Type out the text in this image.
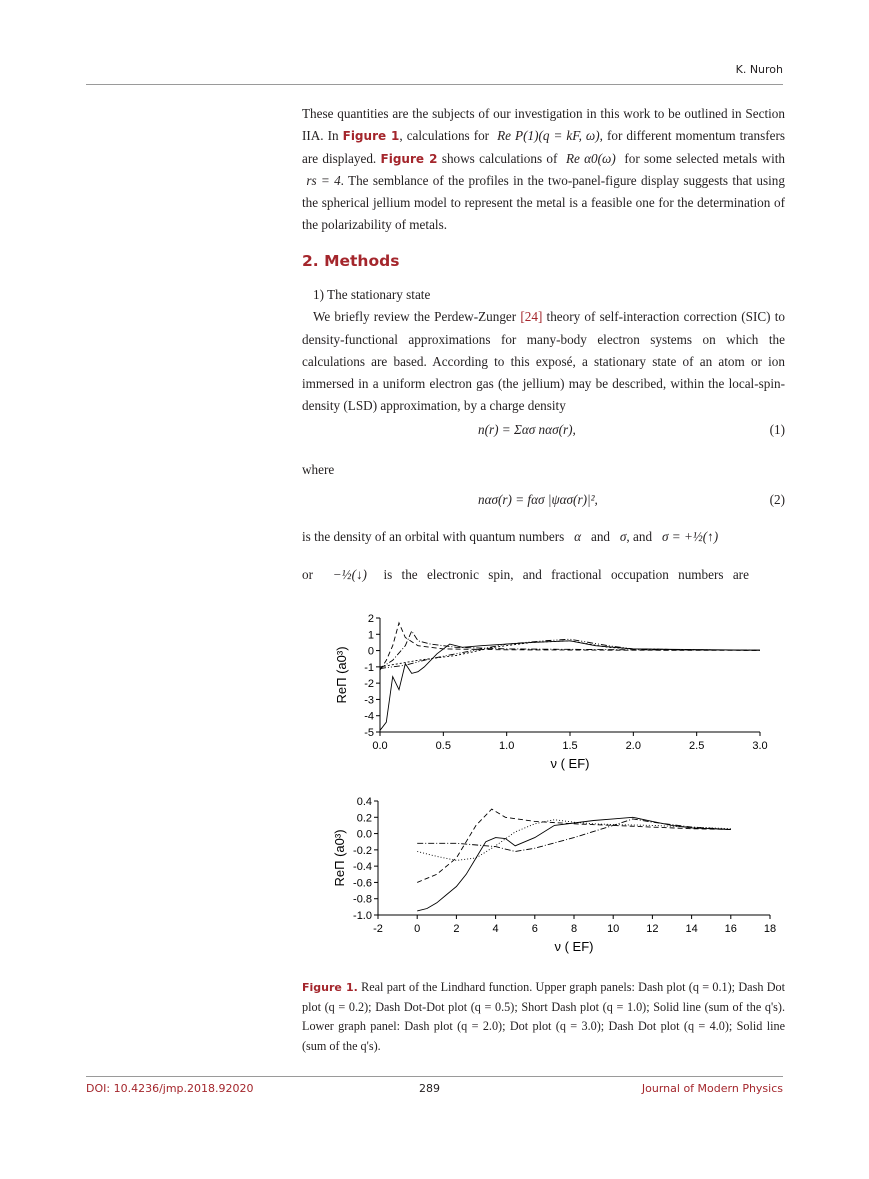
K. Nuroh
These quantities are the subjects of our investigation in this work to be outlined in Section IIA. In Figure 1, calculations for  Re P(1)(q = kF, ω), for different momentum transfers are displayed. Figure 2 shows calculations of  Re α0(ω)  for some selected metals with  rs = 4. The semblance of the profiles in the two-panel-figure display suggests that using the spherical jellium model to represent the metal is a feasible one for the determination of the polarizability of metals.
2. Methods
1) The stationary state
We briefly review the Perdew-Zunger [24] theory of self-interaction correction (SIC) to density-functional approximations for many-body electron systems on which the calculations are based. According to this exposé, a stationary state of an atom or ion immersed in a uniform electron gas (the jellium) may be described, within the local-spin-density (LSD) approximation, by a charge density
n(r) = Σασ nασ(r),	(1)
where
nασ(r) = fασ |ψασ(r)|²,	(2)
is the density of an orbital with quantum numbers α and σ, and σ = +½(↑)
or −½(↓) is the electronic spin, and fractional occupation numbers are
2
1
0
-1
-2
-3
-4
-5
0.0	0.5	1.0	1.5	2.0	2.5	3.0
ν ( EF)
ReΠ (a0³)
0.4
0.2
0.0
-0.2
-0.4
-0.6
-0.8
-1.0
-2	0	2	4	6	8	10 12 14 16 18
ν ( EF)
ReΠ (a0³)
Figure 1. Real part of the Lindhard function. Upper graph panels: Dash plot (q = 0.1); Dash Dot plot (q = 0.2); Dash Dot-Dot plot (q = 0.5); Short Dash plot (q = 1.0); Solid line (sum of the q's). Lower graph panel: Dash plot (q = 2.0); Dot plot (q = 3.0); Dash Dot plot (q = 4.0); Solid line (sum of the q's).
DOI: 10.4236/jmp.2018.92020	289	Journal of Modern Physics
